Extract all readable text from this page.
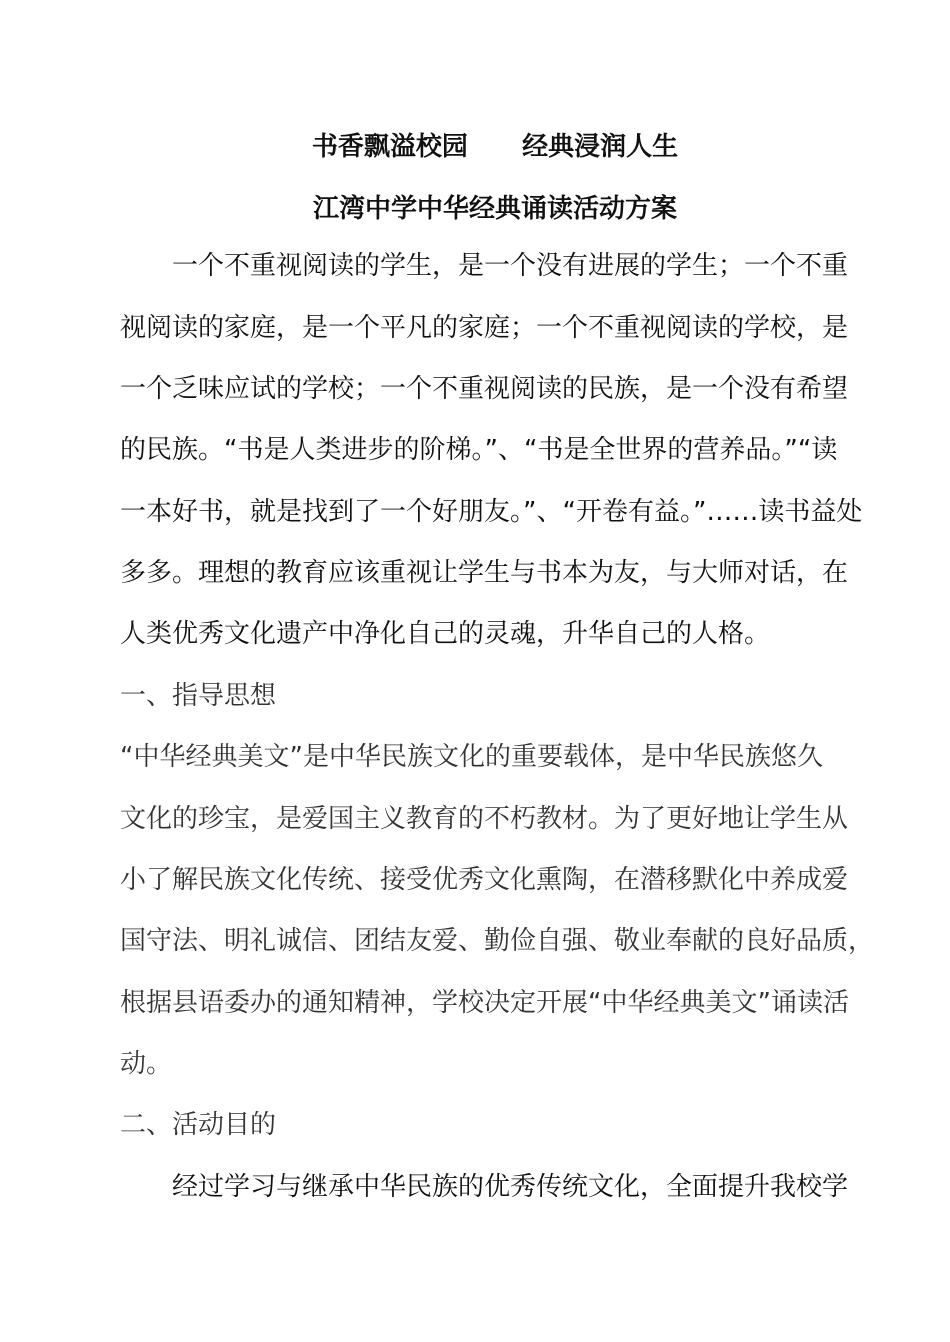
书香飘溢校园      经典浸润人生
江湾中学中华经典诵读活动方案
　　一个不重视阅读的学生，是一个没有进展的学生；一个不重
视阅读的家庭，是一个平凡的家庭；一个不重视阅读的学校，是
一个乏味应试的学校；一个不重视阅读的民族，是一个没有希望
的民族。“书是人类进步的阶梯。”、“书是全世界的营养品。”“读
一本好书，就是找到了一个好朋友。”、“开卷有益。”……读书益处
多多。理想的教育应该重视让学生与书本为友，与大师对话，在
人类优秀文化遗产中净化自己的灵魂，升华自己的人格。
一、指导思想
“中华经典美文”是中华民族文化的重要载体，是中华民族悠久
文化的珍宝，是爱国主义教育的不朽教材。为了更好地让学生从
小了解民族文化传统、接受优秀文化熏陶，在潜移默化中养成爱
国守法、明礼诚信、团结友爱、勤俭自强、敬业奉献的良好品质，
根据县语委办的通知精神，学校决定开展“中华经典美文”诵读活
动。
二、活动目的
　　经过学习与继承中华民族的优秀传统文化，全面提升我校学
